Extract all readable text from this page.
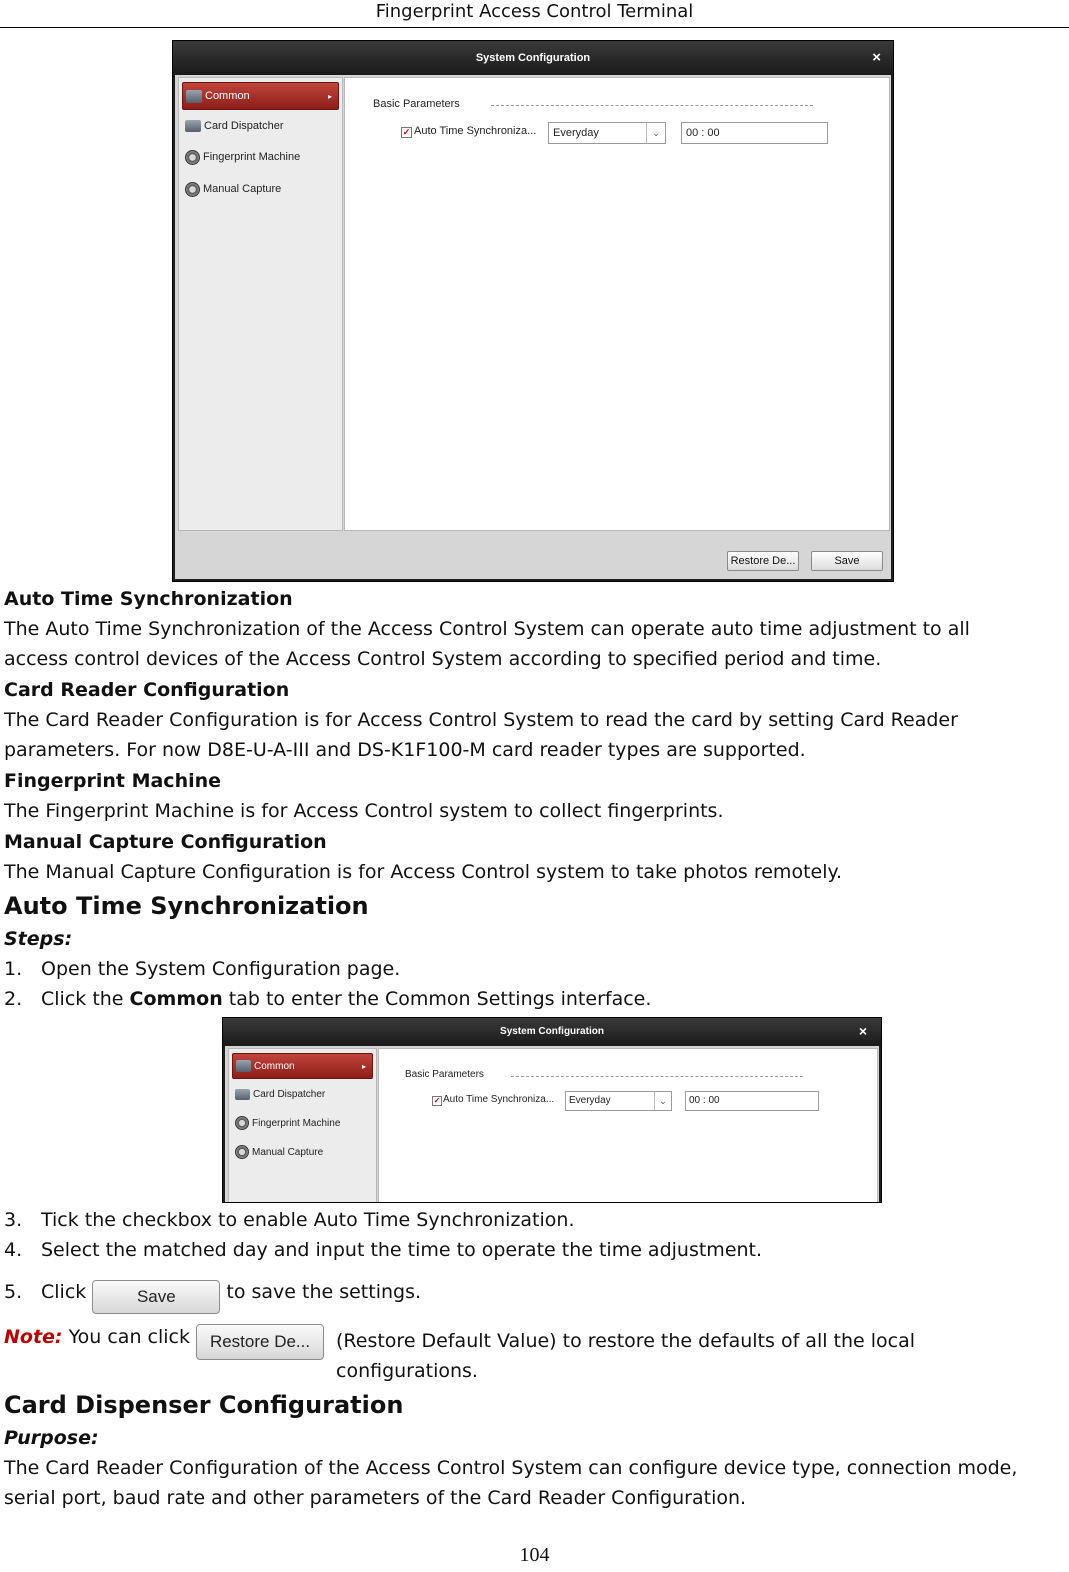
Fingerprint Access Control Terminal
System Configuration	×
Common	▸
Card Dispatcher
Fingerprint Machine
Manual Capture
Basic Parameters
✓ Auto Time Synchroniza...	Everyday	⌄	00 : 00
Restore De...	Save
Auto Time Synchronization
The Auto Time Synchronization of the Access Control System can operate auto time adjustment to all access control devices of the Access Control System according to specified period and time.
Card Reader Configuration
The Card Reader Configuration is for Access Control System to read the card by setting Card Reader parameters. For now D8E-U-A-III and DS-K1F100-M card reader types are supported.
Fingerprint Machine
The Fingerprint Machine is for Access Control system to collect fingerprints.
Manual Capture Configuration
The Manual Capture Configuration is for Access Control system to take photos remotely.
Auto Time Synchronization
Steps:
1. Open the System Configuration page.
2. Click the Common tab to enter the Common Settings interface.
System Configuration	×
Common	▸
Card Dispatcher
Fingerprint Machine
Manual Capture
Basic Parameters
✓ Auto Time Synchroniza...	Everyday	⌄	00 : 00
3. Tick the checkbox to enable Auto Time Synchronization.
4. Select the matched day and input the time to operate the time adjustment.
5. Click	Save to save the settings.
Note: You can click Restore De...	(Restore Default Value) to restore the defaults of all the local configurations.
Card Dispenser Configuration
Purpose:
The Card Reader Configuration of the Access Control System can configure device type, connection mode, serial port, baud rate and other parameters of the Card Reader Configuration.
104
